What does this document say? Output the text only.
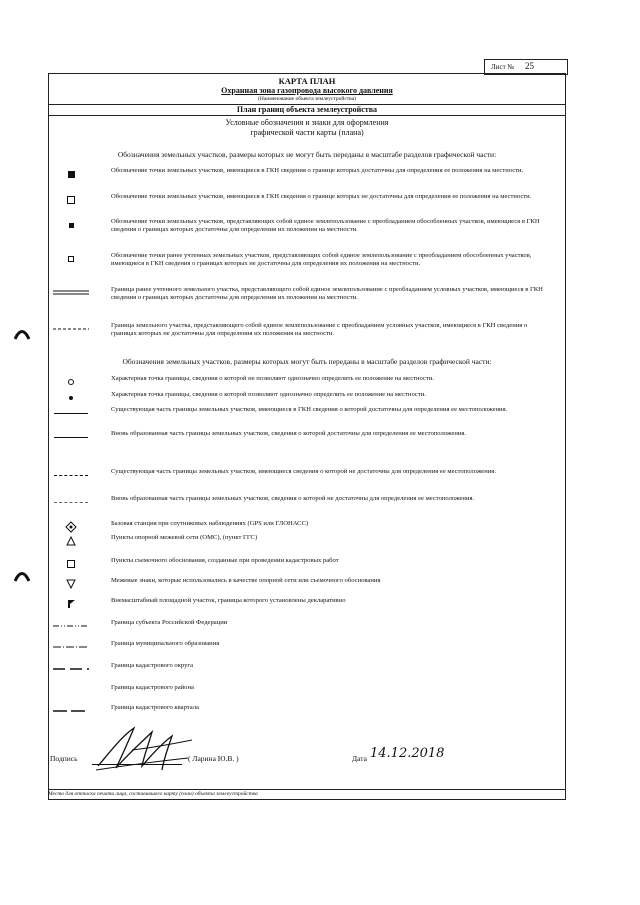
Лист № 25
КАРТА ПЛАН
Охранная зона газопровода высокого давления
(Наименование объекта землеустройства)
План границ объекта землеустройства
Условные обозначения и знаки для оформления
графической части карты (плана)
Обозначения земельных участков, размеры которых не могут быть переданы в масштабе разделов графической части:
Обозначение точки земельных участков, имеющиеся в ГКН сведения о границе которых достаточны для определения ее положения на местности.
Обозначение точки земельных участков, имеющиеся в ГКН сведения о границе которых не достаточны для определения ее положения на местности.
Обозначение точки земельных участков, представляющих собой единое землепользование с преобладанием обособленных участков, имеющиеся в ГКН сведения о границах которых достаточны для определения их положения на местности.
Обозначение точки ранее учтенных земельных участков, представляющих собой единое землепользование с преобладанием обособленных участков, имеющиеся в ГКН сведения о границах которых не достаточны для определения их положения на местности.
Граница ранее учтенного земельного участка, представляющего собой единое землепользование с преобладанием условных участков, имеющиеся в ГКН сведения о границах которых достаточны для определения их положения на местности.
Граница земельного участка, представляющего собой единое землепользование с преобладанием условных участков, имеющиеся в ГКН сведения о границах которых не достаточны для определения их положения на местности.
Обозначения земельных участков, размеры которых могут быть переданы в масштабе разделов графической части:
Характерная точка границы, сведения о которой не позволяют однозначно определить ее положение на местности.
Характерная точка границы, сведения о которой позволяют однозначно определить ее положение на местности.
Существующая часть границы земельных участков, имеющиеся в ГКН сведения о которой достаточны для определения ее местоположения.
Вновь образованная часть границы земельных участков, сведения о которой достаточны для определения ее местоположения.
Существующая часть границы земельных участков, имеющиеся сведения о которой не достаточны для определения ее местоположения.
Вновь образованная часть границы земельных участков, сведения о которой не достаточны для определения ее местоположения.
Базовая станция при спутниковых наблюдениях (GPS или ГЛОНАСС)
Пункты опорной межевой сети (ОМС), (пункт ГГС)
Пункты съемочного обоснования, созданные при проведении кадастровых работ
Межевые знаки, которые использовались в качестве опорной сети или съемочного обоснования
Внемасштабный площадной участок, границы которого установлены декларативно
Граница субъекта Российской Федерации
Граница муниципального образования
Граница кадастрового округа
Граница кадастрового района
Граница кадастрового квартала
Подпись	( Ларина Ю.В. )	Дата 14.12.2018
Место для оттиска печати лица, составившего карту (план) объекта землеустройства
